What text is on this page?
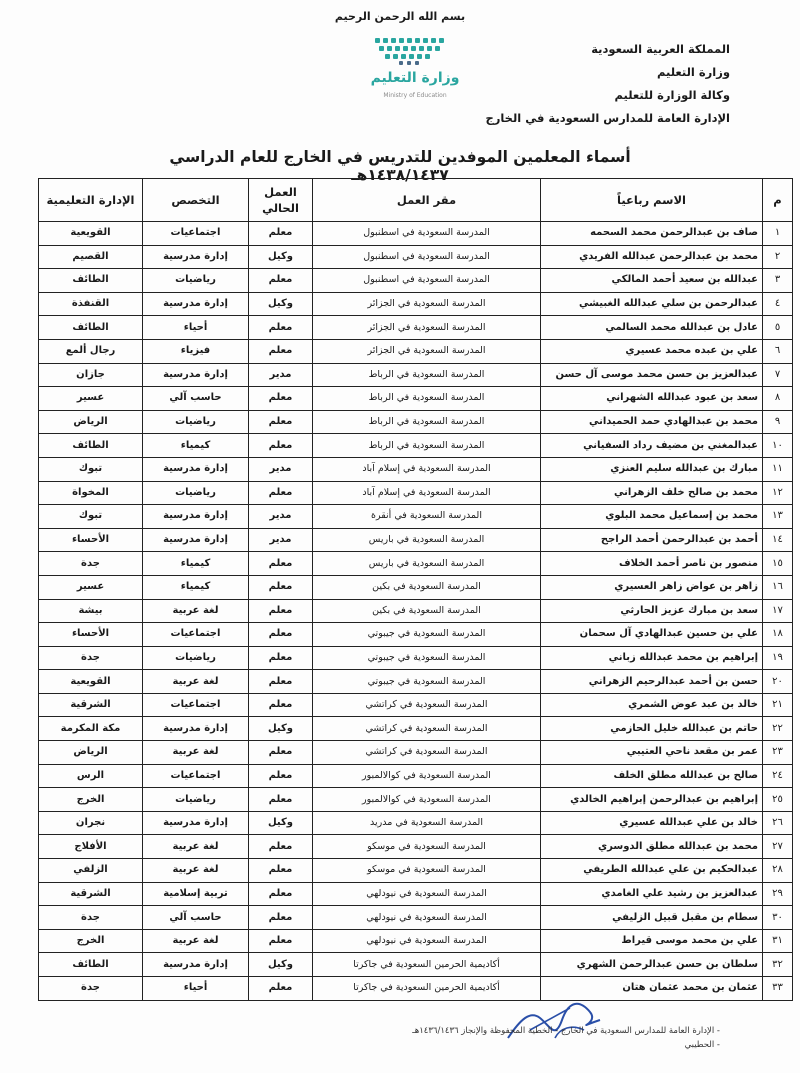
بسم الله الرحمن الرحيم
وزارة التعليم
Ministry of Education
المملكة العربية السعودية
وزارة التعليم
وكالة الوزارة للتعليم
الإدارة العامة للمدارس السعودية في الخارج
أسماء المعلمين الموفدين للتدريس في الخارج للعام الدراسي ١٤٣٨/١٤٣٧هـ
م	الاسم رباعياً	مقر العمل	العمل الحالي	التخصص	الإدارة التعليمية
١	صاف بن عبدالرحمن محمد السحمه	المدرسة السعودية في اسطنبول	معلم	اجتماعيات	القويعية
٢	محمد بن عبدالرحمن عبدالله الفريدي	المدرسة السعودية في اسطنبول	وكيل	إدارة مدرسية	القصيم
٣	عبدالله بن سعيد أحمد المالكي	المدرسة السعودية في اسطنبول	معلم	رياضيات	الطائف
٤	عبدالرحمن بن سلي عبدالله الغبيشي	المدرسة السعودية في الجزائر	وكيل	إدارة مدرسية	القنفذة
٥	عادل بن عبدالله محمد السالمي	المدرسة السعودية في الجزائر	معلم	أحياء	الطائف
٦	علي بن عبده محمد عسيري	المدرسة السعودية في الجزائر	معلم	فيزياء	رجال ألمع
٧	عبدالعزيز بن حسن محمد موسى آل حسن	المدرسة السعودية في الرباط	مدير	إدارة مدرسية	جازان
٨	سعد بن عبود عبدالله الشهراني	المدرسة السعودية في الرباط	معلم	حاسب آلي	عسير
٩	محمد بن عبدالهادي حمد الحميداني	المدرسة السعودية في الرباط	معلم	رياضيات	الرياض
١٠	عبدالمغني بن مضيف رداد السفياني	المدرسة السعودية في الرباط	معلم	كيمياء	الطائف
١١	مبارك بن عبدالله سليم العنزي	المدرسة السعودية في إسلام آباد	مدير	إدارة مدرسية	تبوك
١٢	محمد بن صالح خلف الزهراني	المدرسة السعودية في إسلام آباد	معلم	رياضيات	المخواة
١٣	محمد بن إسماعيل محمد البلوي	المدرسة السعودية في أنقرة	مدير	إدارة مدرسية	تبوك
١٤	أحمد بن عبدالرحمن أحمد الراجح	المدرسة السعودية في باريس	مدير	إدارة مدرسية	الأحساء
١٥	منصور بن ناصر أحمد الخلاف	المدرسة السعودية في باريس	معلم	كيمياء	جدة
١٦	زاهر بن عواض زاهر العسيري	المدرسة السعودية في بكين	معلم	كيمياء	عسير
١٧	سعد بن مبارك عزيز الحارثي	المدرسة السعودية في بكين	معلم	لغة عربية	بيشة
١٨	علي بن حسين عبدالهادي آل سحمان	المدرسة السعودية في جيبوتي	معلم	اجتماعيات	الأحساء
١٩	إبراهيم بن محمد عبدالله زباني	المدرسة السعودية في جيبوتي	معلم	رياضيات	جدة
٢٠	حسن بن أحمد عبدالرحيم الزهراني	المدرسة السعودية في جيبوتي	معلم	لغة عربية	القويعية
٢١	خالد بن عبد عوض الشمري	المدرسة السعودية في كراتشي	معلم	اجتماعيات	الشرقية
٢٢	حاتم بن عبدالله خليل الحازمي	المدرسة السعودية في كراتشي	وكيل	إدارة مدرسية	مكة المكرمة
٢٣	عمر بن مقعد ناحي العتيبي	المدرسة السعودية في كراتشي	معلم	لغة عربية	الرياض
٢٤	صالح بن عبدالله مطلق الخلف	المدرسة السعودية في كوالالمبور	معلم	اجتماعيات	الرس
٢٥	إبراهيم بن عبدالرحمن إبراهيم الخالدي	المدرسة السعودية في كوالالمبور	معلم	رياضيات	الخرج
٢٦	خالد بن علي عبدالله عسيري	المدرسة السعودية في مدريد	وكيل	إدارة مدرسية	نجران
٢٧	محمد بن عبدالله مطلق الدوسري	المدرسة السعودية في موسكو	معلم	لغة عربية	الأفلاج
٢٨	عبدالحكيم بن علي عبدالله الطريفي	المدرسة السعودية في موسكو	معلم	لغة عربية	الزلفي
٢٩	عبدالعزيز بن رشيد علي الغامدي	المدرسة السعودية في نيودلهي	معلم	تربية إسلامية	الشرقية
٣٠	سطام بن مقبل قبيل الزليفي	المدرسة السعودية في نيودلهي	معلم	حاسب آلي	جدة
٣١	علي بن محمد موسى قيراط	المدرسة السعودية في نيودلهي	معلم	لغة عربية	الخرج
٣٢	سلطان بن حسن عبدالرحمن الشهري	أكاديمية الحرمين السعودية في جاكرتا	وكيل	إدارة مدرسية	الطائف
٣٣	عثمان بن محمد عثمان هتان	أكاديمية الحرمين السعودية في جاكرتا	معلم	أحياء	جدة
- الإدارة العامة للمدارس السعودية في الخارج - الخطية المحفوظة والإنجاز ١٤٣٦/١٤٣٦هـ
- الحطيبي
